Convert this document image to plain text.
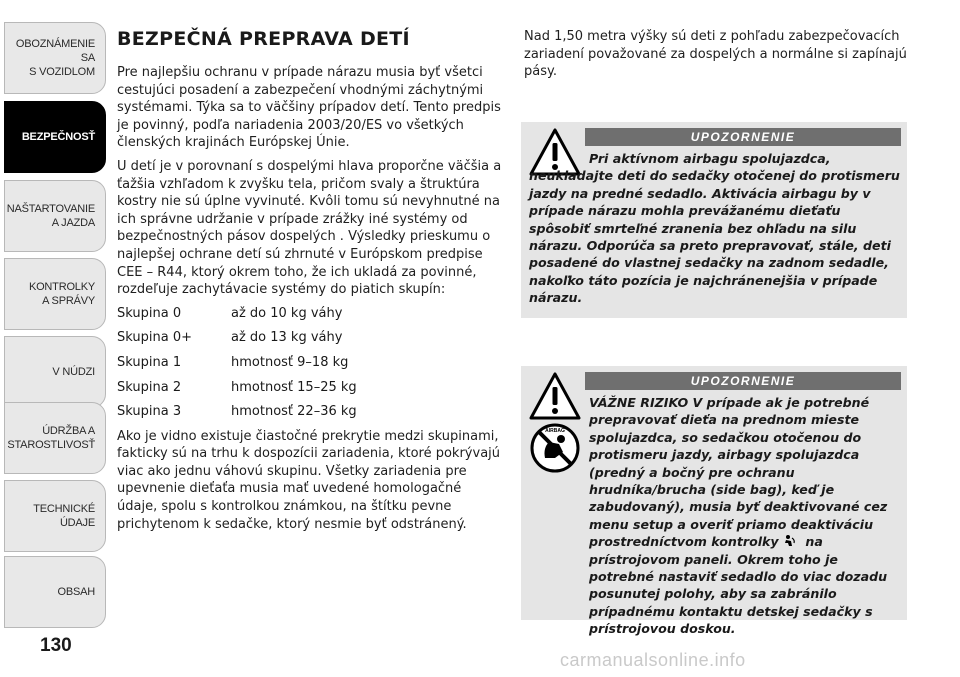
OBOZNÁMENIE SA
S VOZIDLOM
BEZPEČNOSŤ
NAŠTARTOVANIE
A JAZDA
KONTROLKY
A SPRÁVY
V NÚDZI
ÚDRŽBA A
STAROSTLIVOSŤ
TECHNICKÉ
ÚDAJE
OBSAH
130
BEZPEČNÁ PREPRAVA DETÍ

Pre najlepšiu ochranu v prípade nárazu musia byť všetci cestujúci posadení a zabezpečení vhodnými záchytnými systémami. Týka sa to väčšiny prípadov detí. Tento predpis je povinný, podľa nariadenia 2003/20/ES vo všetkých členských krajinách Európskej Únie.

U detí je v porovnaní s dospelými hlava proporčne väčšia a ťažšia vzhľadom k zvyšku tela, pričom svaly a štruktúra kostry nie sú úplne vyvinuté. Kvôli tomu sú nevyhnutné na ich správne udržanie v prípade zrážky iné systémy od bezpečnostných pásov dospelých . Výsledky prieskumu o najlepšej ochrane detí sú zhrnuté v Európskom predpise CEE – R44, ktorý okrem toho, že ich ukladá za povinné, rozdeľuje zachytávacie systémy do piatich skupín:

Skupina 0	až do 10 kg váhy
Skupina 0+	až do 13 kg váhy
Skupina 1	hmotnosť 9–18 kg
Skupina 2	hmotnosť 15–25 kg
Skupina 3	hmotnosť 22–36 kg

Ako je vidno existuje čiastočné prekrytie medzi skupinami, fakticky sú na trhu k dospozícii zariadenia, ktoré pokrývajú viac ako jednu váhovú skupinu. Všetky zariadenia pre upevnenie dieťaťa musia mať uvedené homologačné údaje, spolu s kontrolkou známkou, na štítku pevne prichytenom k sedačke, ktorý nesmie byť odstránený.

Nad 1,50 metra výšky sú deti z pohľadu zabezpečovacích zariadení považované za dospelých a normálne si zapínajú pásy.

UPOZORNENIE

Pri aktívnom airbagu spolujazdca, neukladajte deti do sedačky otočenej do protismeru jazdy na predné sedadlo. Aktivácia airbagu by v prípade nárazu mohla prevážanému dieťaťu spôsobiť smrteľné zranenia bez ohľadu na silu nárazu. Odporúča sa preto prepravovať, stále, deti posadené do vlastnej sedačky na zadnom sedadle, nakoľko táto pozícia je najchránenejšia v prípade nárazu.

UPOZORNENIE
AIRBAG

VÁŽNE RIZIKO V prípade ak je potrebné prepravovať dieťa na prednom mieste spolujazdca, so sedačkou otočenou do protismeru jazdy, airbagy spolujazdca (predný a bočný pre ochranu hrudníka/brucha (side bag), keď je zabudovaný), musia byť deaktivované cez menu setup a overiť priamo deaktiváciu prostredníctvom kontrolky na prístrojovom paneli. Okrem toho je potrebné nastaviť sedadlo do viac dozadu posunutej polohy, aby sa zabránilo prípadnému kontaktu detskej sedačky s prístrojovou doskou.

carmanualsonline.info
